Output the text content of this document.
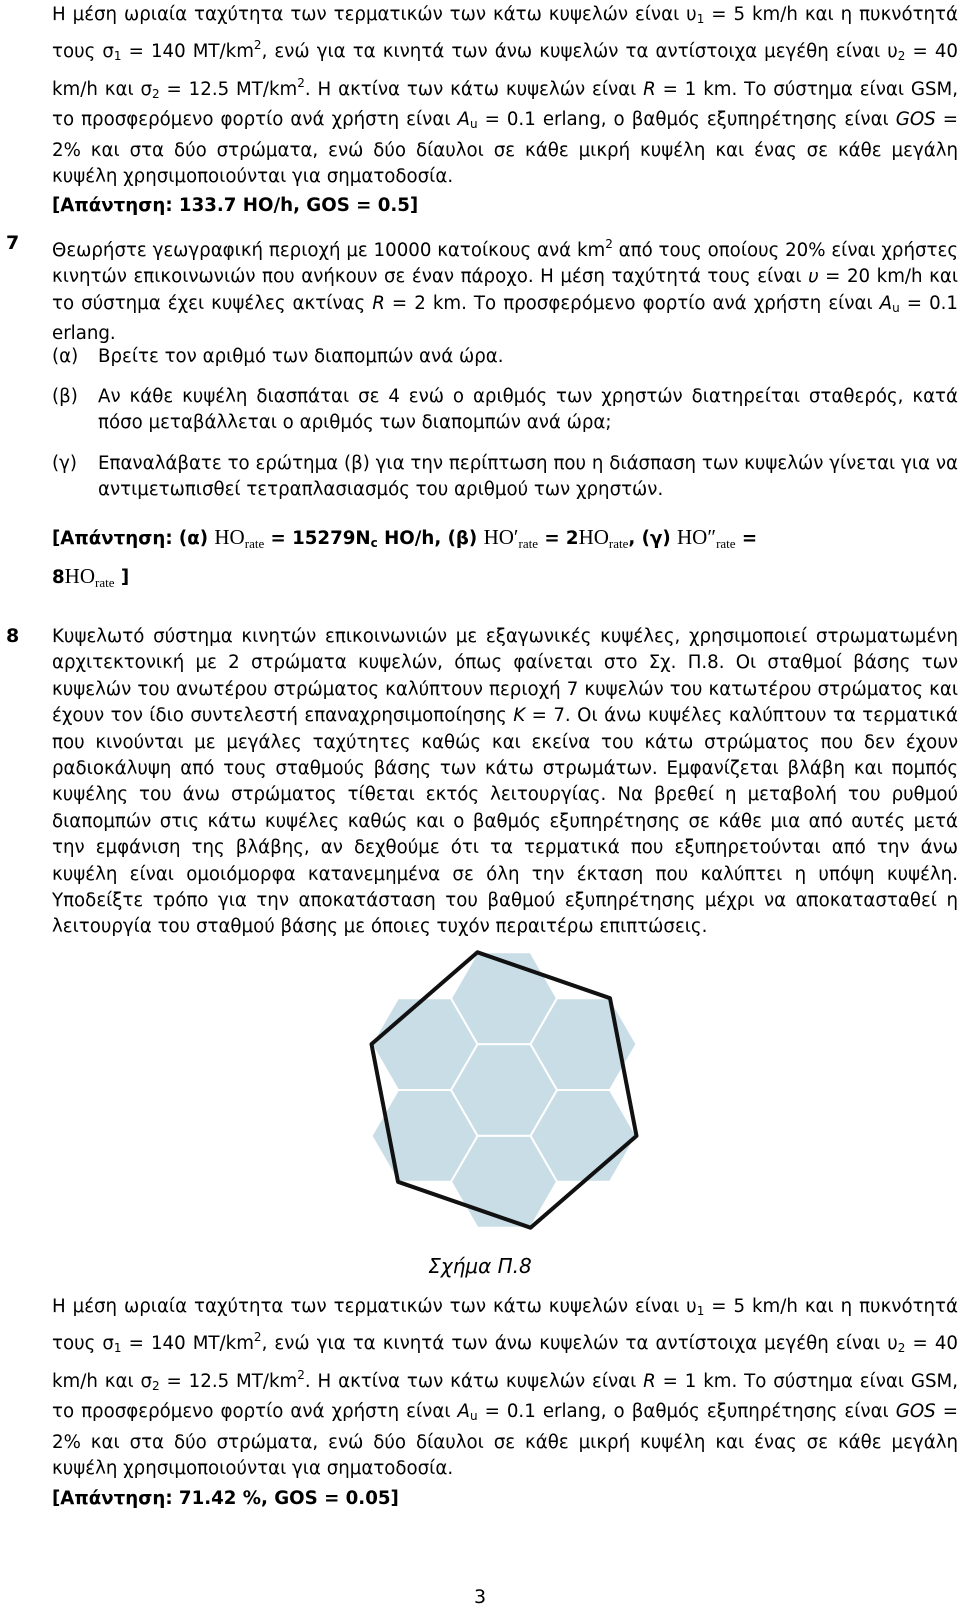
Η μέση ωριαία ταχύτητα των τερματικών των κάτω κυψελών είναι $\upsilon_1 = 5$ km/h και η πυκνότητά τους $\sigma_1 = 140$ $MT/km^2$, ενώ για τα κινητά των άνω κυψελών τα αντίστοιχα μεγέθη είναι $\upsilon_2 = 40$ km/h και $\sigma_2 = 12.5$ $MT/km^2$. Η ακτίνα των κάτω κυψελών είναι R = 1 km. Το σύστημα είναι GSM, το προσφερόμενο φορτίο ανά χρήστη είναι $A_u = 0.1$ erlang, ο βαθμός εξυπηρέτησης είναι GOS = 2% και στα δύο στρώματα, ενώ δύο δίαυλοι σε κάθε μικρή κυψέλη και ένας σε κάθε μεγάλη κυψέλη χρησιμοποιούνται για σηματοδοσία.

[Απάντηση: 133.7 HO/h, GOS = 0.5]

7 Θεωρήστε γεωγραφική περιοχή με 10000 κατοίκους ανά $km^2$ από τους οποίους 20% είναι χρήστες κινητών επικοινωνιών που ανήκουν σε έναν πάροχο. Η μέση ταχύτητά τους είναι υ = 20 km/h και το σύστημα έχει κυψέλες ακτίνας R = 2 km. Το προσφερόμενο φορτίο ανά χρήστη είναι $A_u = 0.1$ erlang.

(α) Βρείτε τον αριθμό των διαπομπών ανά ώρα.
(β) Αν κάθε κυψέλη διασπάται σε 4 ενώ ο αριθμός των χρηστών διατηρείται σταθερός, κατά πόσο μεταβάλλεται ο αριθμός των διαπομπών ανά ώρα;
(γ) Επαναλάβατε το ερώτημα (β) για την περίπτωση που η διάσπαση των κυψελών γίνεται για να αντιμετωπισθεί τετραπλασιασμός του αριθμού των χρηστών.

[Απάντηση: (α) $HO_{rate} = 15279N_c$ HO/h, (β) $HO'_{rate} = 2HO_{rate}$, (γ) $HO''_{rate}$ =
$8HO_{rate}$ ]

8 Κυψελωτό σύστημα κινητών επικοινωνιών με εξαγωνικές κυψέλες, χρησιμοποιεί στρωματωμένη αρχιτεκτονική με 2 στρώματα κυψελών, όπως φαίνεται στο Σχ. Π.8. Οι σταθμοί βάσης των κυψελών του ανωτέρου στρώματος καλύπτουν περιοχή 7 κυψελών του κατωτέρου στρώματος και έχουν τον ίδιο συντελεστή επαναχρησιμοποίησης K = 7. Οι άνω κυψέλες καλύπτουν τα τερματικά που κινούνται με μεγάλες ταχύτητες καθώς και εκείνα του κάτω στρώματος που δεν έχουν ραδιοκάλυψη από τους σταθμούς βάσης των κάτω στρωμάτων. Εμφανίζεται βλάβη και πομπός κυψέλης του άνω στρώματος τίθεται εκτός λειτουργίας. Να βρεθεί η μεταβολή του ρυθμού διαπομπών στις κάτω κυψέλες καθώς και ο βαθμός εξυπηρέτησης σε κάθε μια από αυτές μετά την εμφάνιση της βλάβης, αν δεχθούμε ότι τα τερματικά που εξυπηρετούνται από την άνω κυψέλη είναι ομοιόμορφα κατανεμημένα σε όλη την έκταση που καλύπτει η υπόψη κυψέλη. Υποδείξτε τρόπο για την αποκατάσταση του βαθμού εξυπηρέτησης μέχρι να αποκατασταθεί η λειτουργία του σταθμού βάσης με όποιες τυχόν περαιτέρω επιπτώσεις.

Σχήμα Π.8

Η μέση ωριαία ταχύτητα των τερματικών των κάτω κυψελών είναι $\upsilon_1 = 5$ km/h και η πυκνότητά τους $\sigma_1 = 140$ $MT/km^2$, ενώ για τα κινητά των άνω κυψελών τα αντίστοιχα μεγέθη είναι $\upsilon_2 = 40$ km/h και $\sigma_2 = 12.5$ $MT/km^2$. Η ακτίνα των κάτω κυψελών είναι R = 1 km. Το σύστημα είναι GSM, το προσφερόμενο φορτίο ανά χρήστη είναι $A_u = 0.1$ erlang, ο βαθμός εξυπηρέτησης είναι GOS = 2% και στα δύο στρώματα, ενώ δύο δίαυλοι σε κάθε μικρή κυψέλη και ένας σε κάθε μεγάλη κυψέλη χρησιμοποιούνται για σηματοδοσία.

[Απάντηση: 71.42 %, GOS = 0.05]

3
